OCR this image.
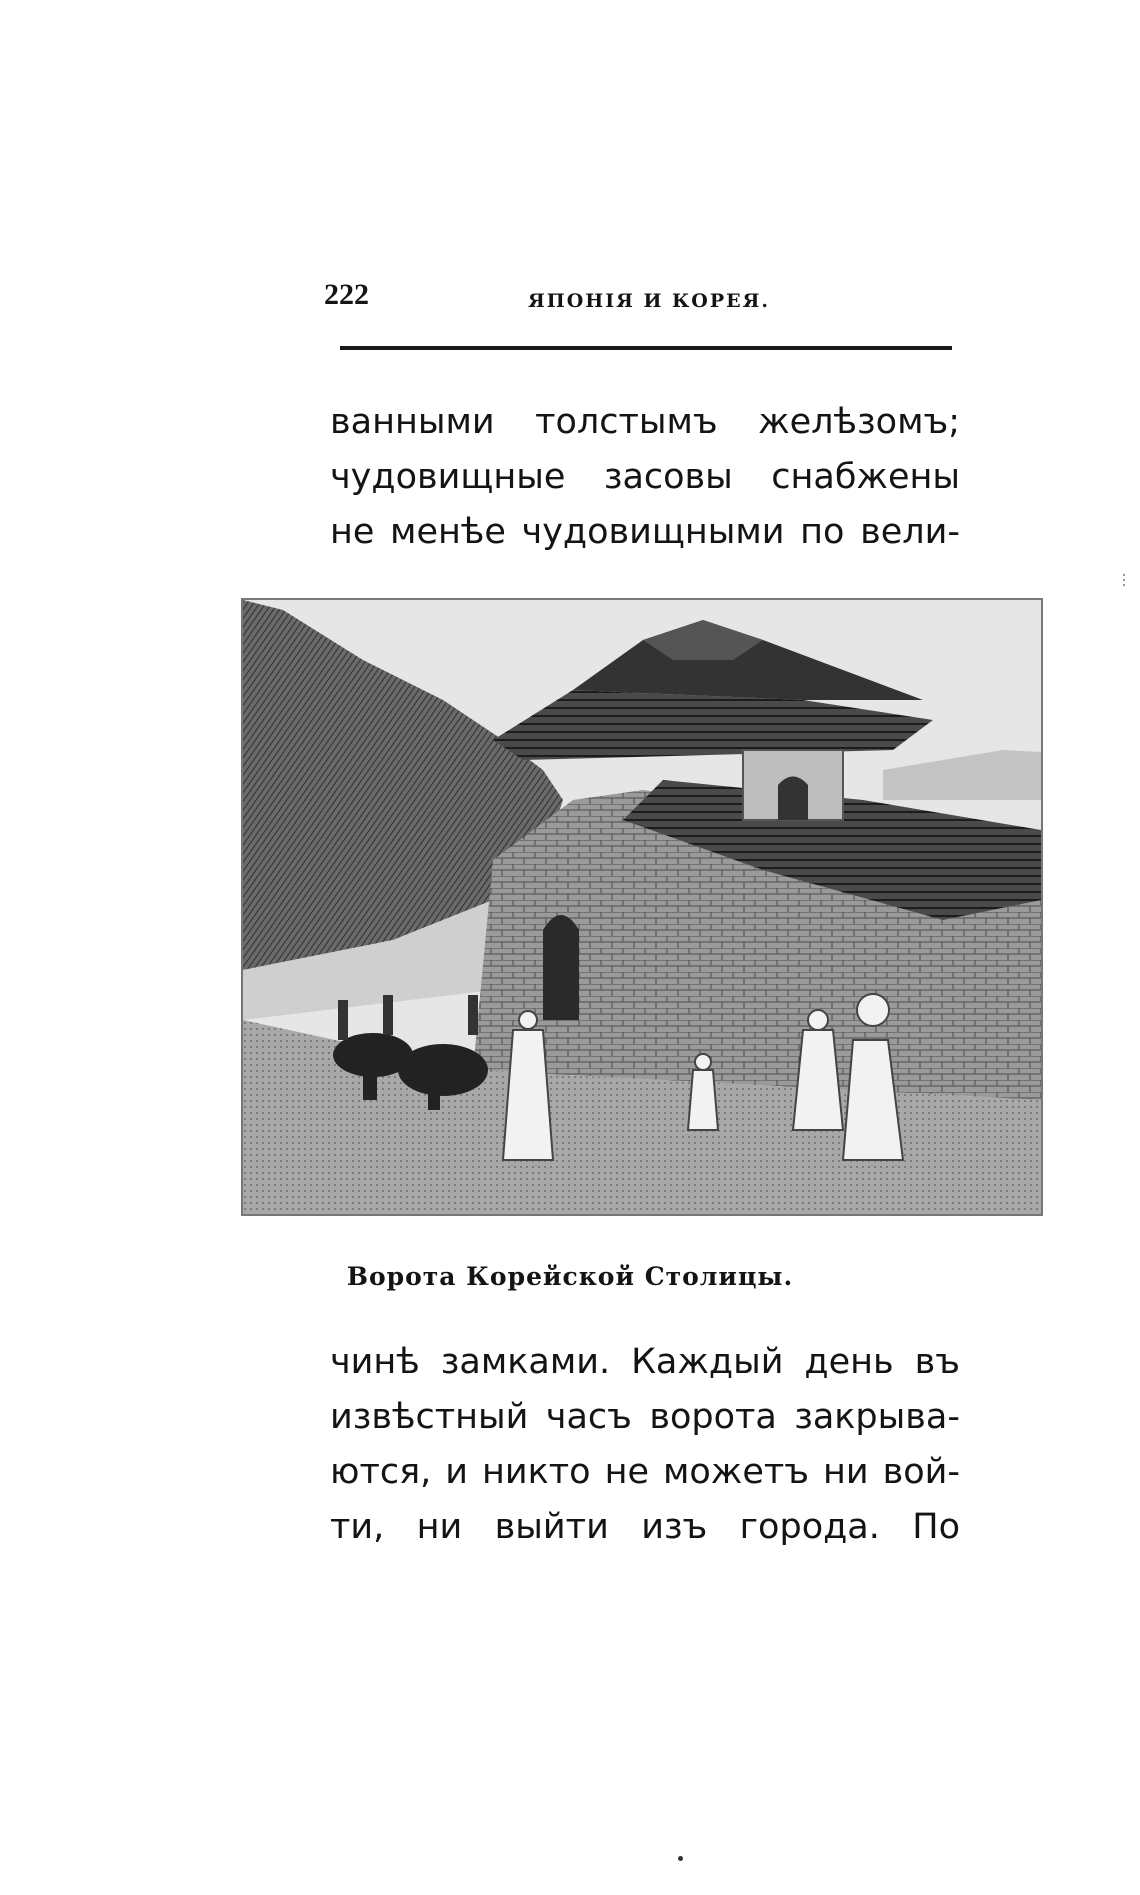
222	ЯПОНІЯ И КОРЕЯ.
ванными толстымъ желѣзомъ;
чудовищные засовы снабжены
не менѣе чудовищными по вели-
Ворота Корейской Столицы.
чинѣ замками. Каждый день въ
извѣстный часъ ворота закрыва-
ются, и никто не можетъ ни вой-
ти, ни выйти изъ города. По
